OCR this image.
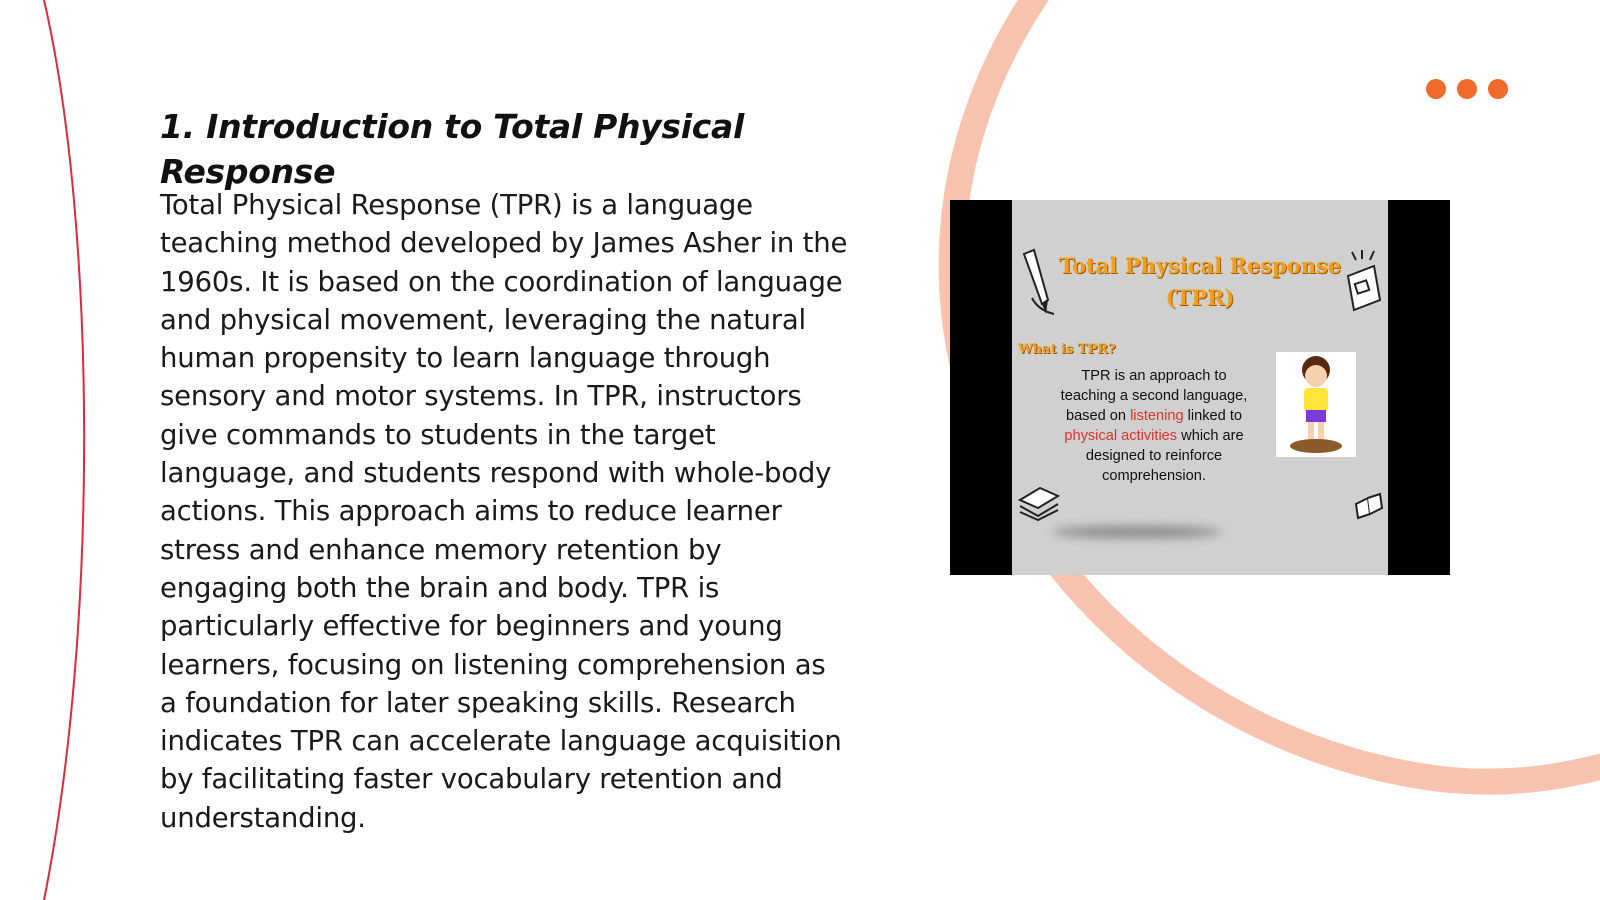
1. Introduction to Total Physical Response

Total Physical Response (TPR) is a language teaching method developed by James Asher in the 1960s. It is based on the coordination of language and physical movement, leveraging the natural human propensity to learn language through sensory and motor systems. In TPR, instructors give commands to students in the target language, and students respond with whole-body actions. This approach aims to reduce learner stress and enhance memory retention by engaging both the brain and body. TPR is particularly effective for beginners and young learners, focusing on listening comprehension as a foundation for later speaking skills. Research indicates TPR can accelerate language acquisition by facilitating faster vocabulary retention and understanding.

Total Physical Response
(TPR)
What is TPR?
TPR is an approach to teaching a second language, based on listening linked to physical activities which are designed to reinforce comprehension.
